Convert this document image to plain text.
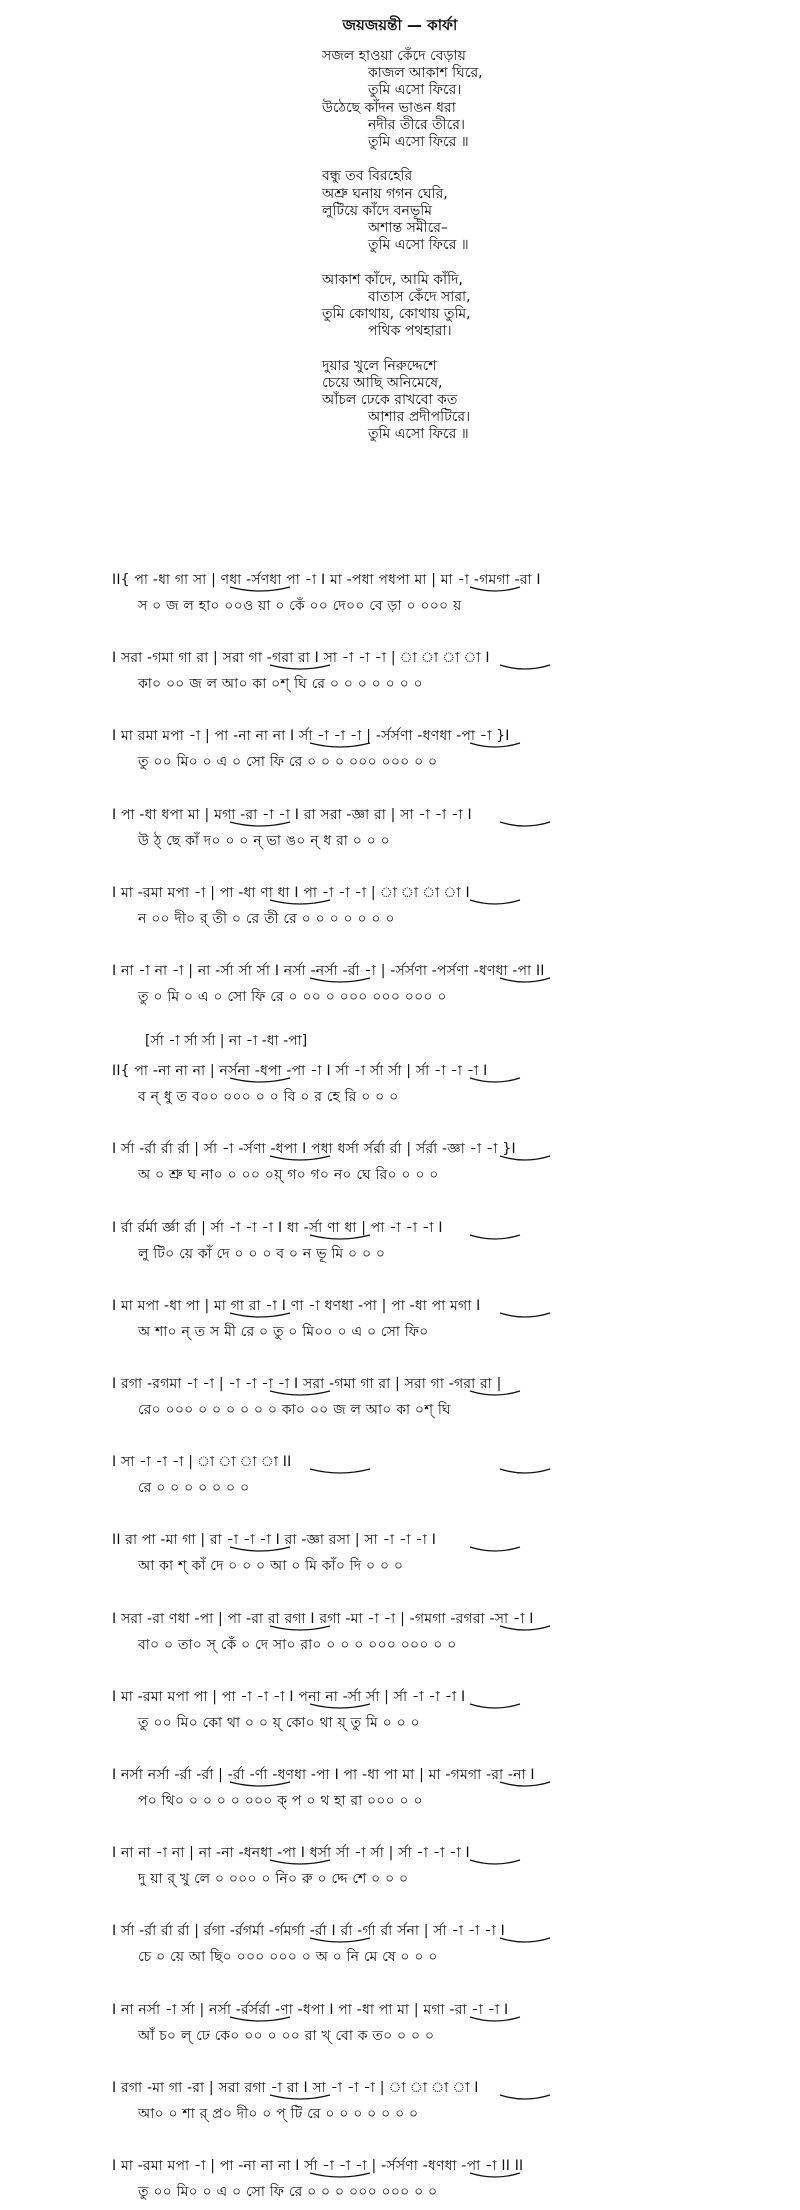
জয়জয়ন্তী — কার্ফা
সজল হাওয়া কেঁদে বেড়ায়
কাজল আকাশ ঘিরে,
তুমি এসো ফিরে।
উঠেছে কাঁদন ভাঙন ধরা
নদীর তীরে তীরে।
তুমি এসো ফিরে ॥
বন্ধু তব বিরহেরি
অশ্রু ঘনায় গগন ঘেরি,
লুটিয়ে কাঁদে বনভূমি
অশান্ত সমীরে–
তুমি এসো ফিরে ॥
আকাশ কাঁদে, আমি কাঁদি,
বাতাস কেঁদে সারা,
তুমি কোথায়, কোথায় তুমি,
পথিক পথহারা।
দুয়ার খুলে নিরুদ্দেশে
চেয়ে আছি অনিমেষে,
আঁচল ঢেকে রাখবো কত
আশার প্রদীপটিরে।
তুমি এসো ফিরে ॥
II{ পা -ধা গা সা | ণধা -র্সণধা পা -া I মা -পধা পধপা মা | মা -া -গমগা -রা I
স ০ জ ল হা০ ০০ও য়া ০ কেঁ ০০ দে০০ বে ড়া ০ ০০০ য়
I সরা -গমা গা রা | সরা গা -গরা রা I সা -া -া -া | া া া া I
কা০ ০০ জ ল আ০ কা ০শ্ ঘি রে ০ ০ ০ ০ ০ ০ ০
I মা রমা মপা -া | পা -না না না I র্সা -া -া -া | -র্সর্সণা -ধণধা -পা -া }I
তু ০০ মি০ ০ এ ০ সো ফি রে ০ ০ ০ ০০০ ০০০ ০ ০
I পা -ধা ধপা মা | মগা -রা -া -া I রা সরা -জ্ঞা রা | সা -া -া -া I
উ ঠ্ ছে কাঁ দ০ ০ ০ ন্ ভা ঙ০ ন্ ধ রা ০ ০ ০
I মা -রমা মপা -া | পা -ধা ণা ধা I পা -া -া -া | া া া া I
ন ০০ দী০ র্ তী ০ রে তী রে ০ ০ ০ ০ ০ ০ ০
I না -া না -া | না -র্সা র্সা র্সা I নর্সা -নর্সা -র্রা -া | -র্সর্সণা -পর্সণা -ধণধা -পা II
তু ০ মি ০ এ ০ সো ফি রে ০ ০০ ০ ০০০ ০০০ ০০০ ০
[র্সা -া র্সা র্সা | না -া -ধা -পা]
II{ পা -না না না | নর্সনা -ধপা -পা -া I র্সা -া র্সা র্সা | র্সা -া -া -া I
ব ন্ ধু ত ব০০ ০০০ ০ ০ বি ০ র হে রি ০ ০ ০
I র্সা -র্রা র্রা র্রা | র্সা -া -র্সণা -ধপা I পধা ধর্সা র্সর্রা র্রা | র্সর্রা -জ্ঞা -া -া }I
অ ০ শ্রু ঘ না০ ০ ০০ ০য়্ গ০ গ০ ন০ ঘে রি০ ০ ০ ০
I র্রা র্রর্মা র্জ্ঞা র্রা | র্সা -া -া -া I ধা -র্সা ণা ধা | পা -া -া -া I
লু টি০ য়ে কাঁ দে ০ ০ ০ ব ০ ন ভূ মি ০ ০ ০
I মা মপা -ধা পা | মা গা রা -া I ণা -া ধণধা -পা | পা -ধা পা মগা I
অ শা০ ন্ ত স মী রে ০ তু ০ মি০০ ০ এ ০ সো ফি০
I রগা -রগমা -া -া | -া -া -া -া I সরা -গমা গা রা | সরা গা -গরা রা |
রে০ ০০০ ০ ০ ০ ০ ০ ০ কা০ ০০ জ ল আ০ কা ০শ্ ঘি
I সা -া -া -া | া া া া II
রে ০ ০ ০ ০ ০ ০ ০
II রা পা -মা গা | রা -া -া -া I রা -জ্ঞা রসা | সা -া -া -া I
আ কা শ্ কাঁ দে ০ ০ ০ আ ০ মি কাঁ০ দি ০ ০ ০
I সরা -রা ণধা -পা | পা -রা রা রগা I রগা -মা -া -া | -গমগা -রগরা -সা -া I
বা০ ০ তা০ স্ কেঁ ০ দে সা০ রা০ ০ ০ ০ ০০০ ০০০ ০ ০
I মা -রমা মপা পা | পা -া -া -া I পনা না -র্সা র্সা | র্সা -া -া -া I
তু ০০ মি০ কো থা ০ ০ য়্ কো০ থা য়্ তু মি ০ ০ ০
I নর্সা নর্সা -র্রা -র্রা | -র্রা -র্ণা -ধণধা -পা I পা -ধা পা মা | মা -গমগা -রা -না I
প০ থি০ ০ ০ ০ ০ ০০০ ক্ প ০ থ হা রা ০০০ ০ ০
I না না -া না | না -না -ধনধা -পা I ধর্সা র্সা -া র্সা | র্সা -া -া -া I
দু য়া র্ খু লে ০ ০০০ ০ নি০ রু ০ দ্দে শে ০ ০ ০
I র্সা -র্রা র্রা র্রা | র্রগা -র্রগর্মা -র্গমর্গা -র্রা I র্রা -র্গা র্রা র্সনা | র্সা -া -া -া I
চে ০ য়ে আ ছি০ ০০০ ০০০ ০ অ ০ নি মে ষে ০ ০ ০
I না নর্সা -া র্সা | নর্সা -র্রর্সর্রা -ণা -ধপা I পা -ধা পা মা | মগা -রা -া -া I
আঁ চ০ ল্ ঢে কে০ ০০ ০ ০০ রা খ্ বো ক ত০ ০ ০ ০
I রগা -মা গা -রা | সরা রগা -া রা I সা -া -া -া | া া া া I
আ০ ০ শা র্ প্র০ দী০ ০ প্ টি রে ০ ০ ০ ০ ০ ০ ০
I মা -রমা মপা -া | পা -না না না I র্সা -া -া -া | -র্সর্সণা -ধণধা -পা -া II II
তু ০০ মি০ ০ এ ০ সো ফি রে ০ ০ ০ ০০০ ০০০ ০ ০
